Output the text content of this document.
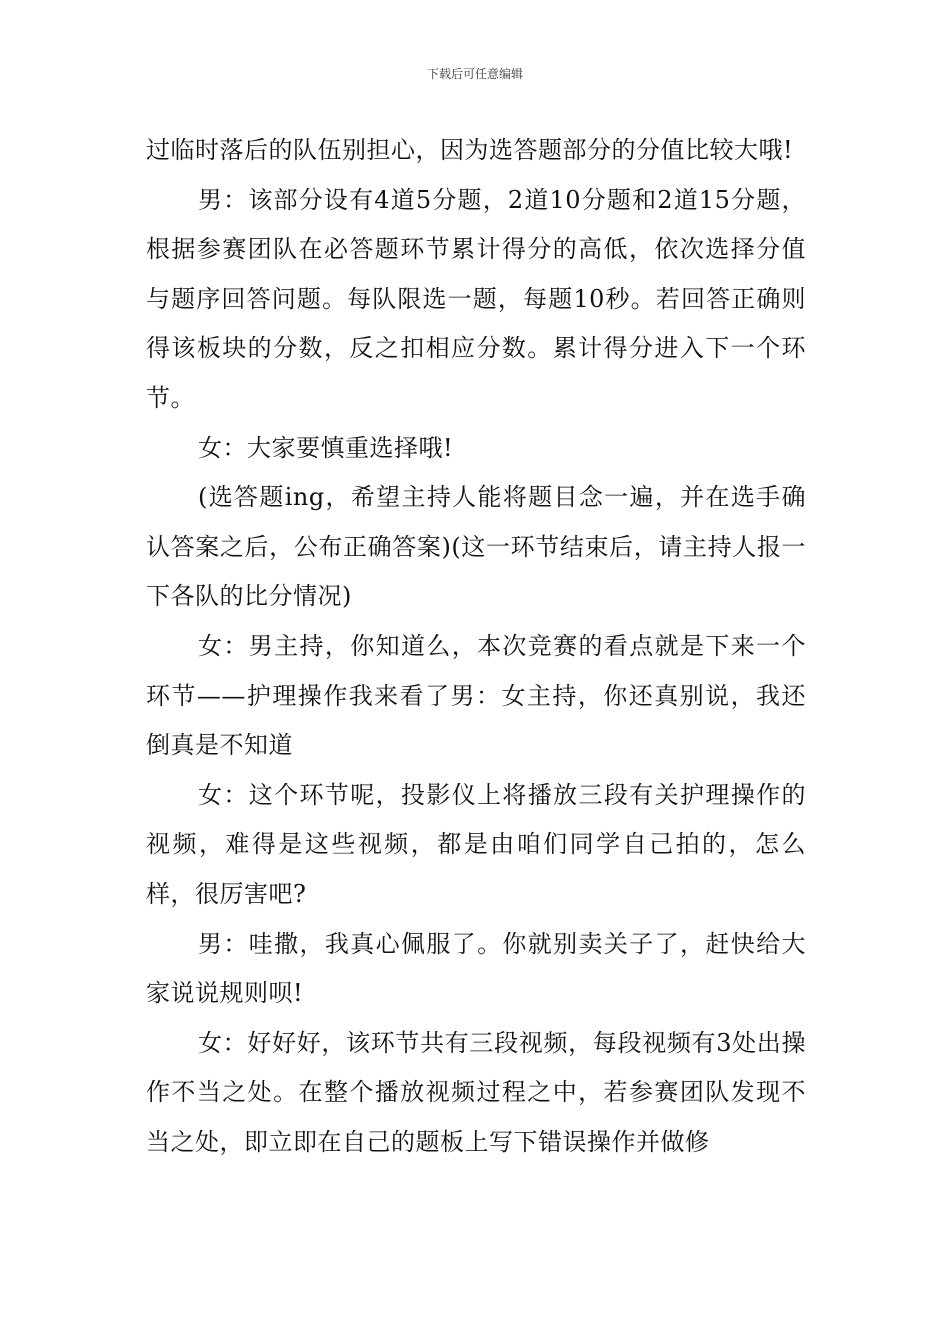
下载后可任意编辑

过临时落后的队伍别担心，因为选答题部分的分值比较大哦!

男：该部分设有4道5分题，2道10分题和2道15分题，根据参赛团队在必答题环节累计得分的高低，依次选择分值与题序回答问题。每队限选一题，每题10秒。若回答正确则得该板块的分数，反之扣相应分数。累计得分进入下一个环节。

女：大家要慎重选择哦!

(选答题ing，希望主持人能将题目念一遍，并在选手确认答案之后，公布正确答案)(这一环节结束后，请主持人报一下各队的比分情况)

女：男主持，你知道么，本次竞赛的看点就是下来一个环节——护理操作我来看了男：女主持，你还真别说，我还倒真是不知道

女：这个环节呢，投影仪上将播放三段有关护理操作的视频，难得是这些视频，都是由咱们同学自己拍的，怎么样，很厉害吧?

男：哇撒，我真心佩服了。你就别卖关子了，赶快给大家说说规则呗!

女：好好好，该环节共有三段视频，每段视频有3处出操作不当之处。在整个播放视频过程之中，若参赛团队发现不当之处，即立即在自己的题板上写下错误操作并做修
